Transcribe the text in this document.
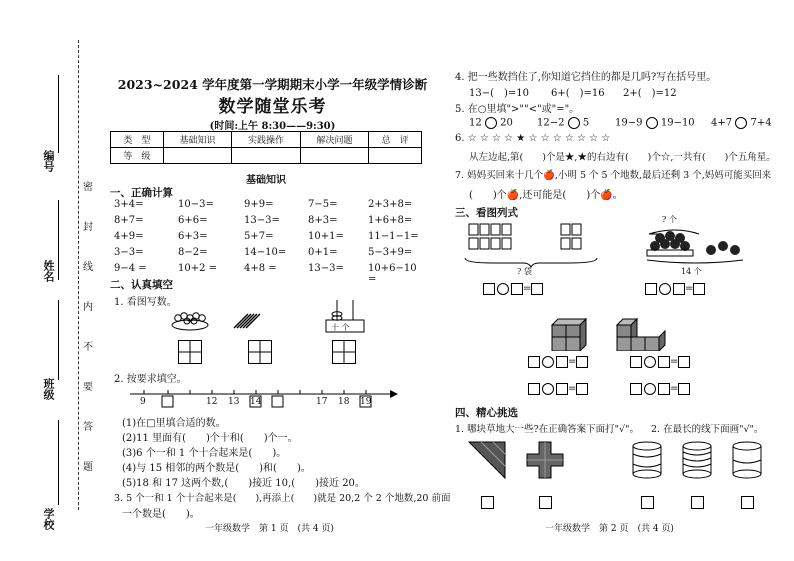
编号
姓名
班级
学校
密
封
线
内
不
要
答
题
2023~2024 学年度第一学期期末小学一年级学情诊断
数学随堂乐考
(时间:上午 8:30——9:30)
类　型	基础知识	实践操作	解决问题	总　评
等　级				
基础知识
一、正确计算
3+4=	10−3=	9+9=	7−5=	2+3+8=
8+7=	6+6=	13−3=	8+3=	1+6+8=
4+9=	6+3=	5+7=	10+1=	11−1−1=
3−3=	8−2=	14−10=	0+1=	5−3+9=
9−4 =	10+2 =	4+8 =	13−3=	10+6−10 =
二、认真填空
1. 看图写数。
十 个
2. 按要求填空。
9	12 13 14	17 18 19
(1)在□里填合适的数。
(2)11 里面有(　　)个十和(　　)个一。
(3)6 个一和 1 个十合起来是(　　)。
(4)与 15 相邻的两个数是(　　)和(　　)。
(5)18 和 17 这两个数,(　　)接近 10,(　　)接近 20。
3. 5 个一和 1 个十合起来是(　　),再添上(　　)就是 20,2 个 2 个地数,20 前面
一个数是(　　)。
一年级数学　第 1 页　(共 4 页)
4. 把一些数挡住了,你知道它挡住的都是几吗?写在括号里。
13−(　)=10 6+(　)=16 2+(　)=12
5. 在○里填">""<"或"="。
12 20 12−2 5	19−9 19−10 4+7 7+4
6. ☆ ☆ ☆ ☆ ★ ☆ ☆ ☆ ☆ ☆ ☆ ☆
从左边起,第(　　)个是★,★的右边有(　　)个☆,一共有(　　)个五角星。
7. 妈妈买回来十几个🍎,小明 5 个 5 个地数,最后还剩 3 个,妈妈可能买回来
(　　)个🍎,还可能是(　　)个🍎。
三、看图列式
? 袋
? 个
14 个
=	=
=	=
=	=
四、精心挑选
1. 哪块草地大一些?在正确答案下面打"√"。 2. 在最长的线下面画"√"。
一年级数学　第 2 页　(共 4 页)
